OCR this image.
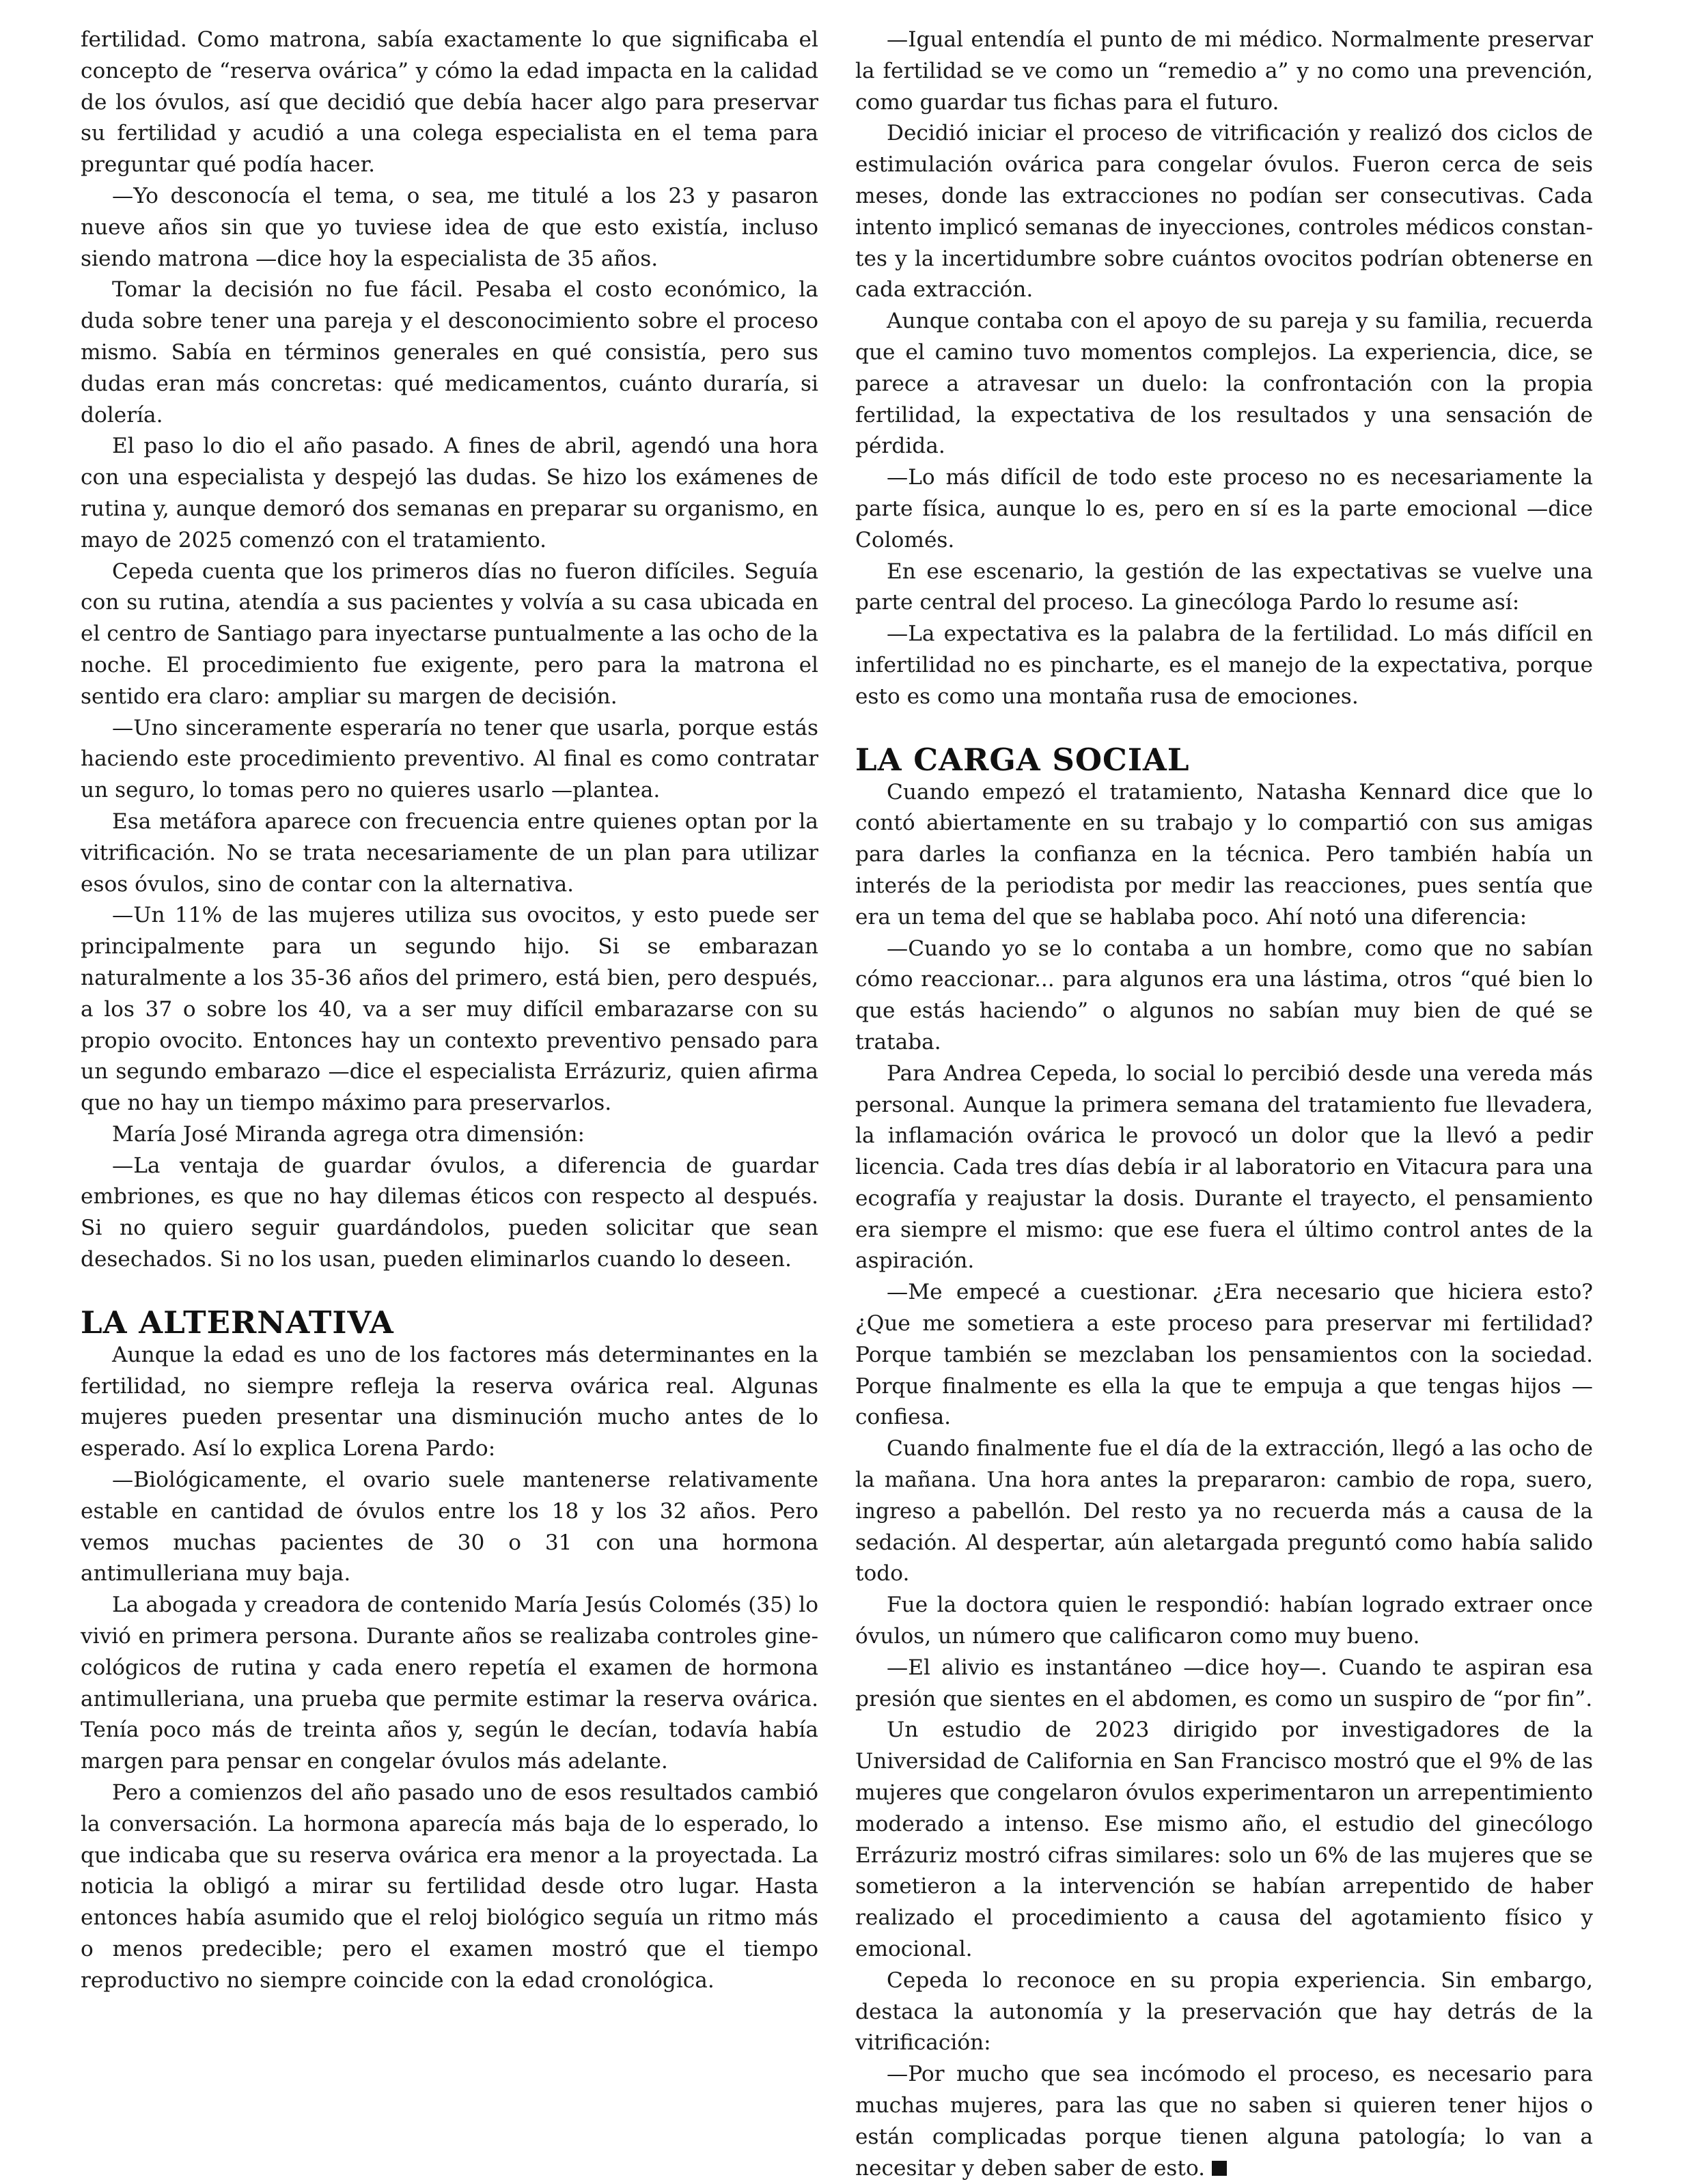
fertilidad. Como matrona, sabía exactamente lo que significaba el concepto de “reserva ovárica” y cómo la edad impacta en la calidad de los óvulos, así que decidió que debía hacer algo para preservar su fertilidad y acudió a una colega especialista en el tema para preguntar qué podía hacer.

—Yo desconocía el tema, o sea, me titulé a los 23 y pasaron nueve años sin que yo tuviese idea de que esto existía, incluso siendo matrona —dice hoy la especialista de 35 años.

Tomar la decisión no fue fácil. Pesaba el costo económico, la duda sobre tener una pareja y el desconocimiento sobre el proceso mismo. Sabía en términos generales en qué consistía, pero sus dudas eran más concretas: qué medicamentos, cuánto duraría, si dolería.

El paso lo dio el año pasado. A fines de abril, agendó una hora con una especialista y despejó las dudas. Se hizo los exámenes de rutina y, aunque demoró dos semanas en preparar su organismo, en mayo de 2025 comenzó con el tratamiento.

Cepeda cuenta que los primeros días no fueron difíciles. Seguía con su rutina, atendía a sus pacientes y volvía a su casa ubicada en el centro de Santiago para inyectarse puntualmente a las ocho de la noche. El procedimiento fue exigente, pero para la matrona el sentido era claro: ampliar su margen de decisión.

—Uno sinceramente esperaría no tener que usarla, porque estás haciendo este procedimiento preventivo. Al final es como contratar un seguro, lo tomas pero no quieres usarlo —plantea.

Esa metáfora aparece con frecuencia entre quienes optan por la vitrificación. No se trata necesariamente de un plan para utilizar esos óvulos, sino de contar con la alternativa.

—Un 11% de las mujeres utiliza sus ovocitos, y esto puede ser principalmente para un segundo hijo. Si se embarazan naturalmente a los 35-36 años del primero, está bien, pero después, a los 37 o sobre los 40, va a ser muy difícil embarazarse con su propio ovocito. Entonces hay un contexto preventivo pensado para un segundo embarazo —dice el especialista Errázuriz, quien afirma que no hay un tiempo máximo para preservarlos.

María José Miranda agrega otra dimensión:

—La ventaja de guardar óvulos, a diferencia de guardar embriones, es que no hay dilemas éticos con respecto al después. Si no quiero seguir guardándolos, pueden solicitar que sean desechados. Si no los usan, pueden eliminarlos cuando lo deseen.

LA ALTERNATIVA

Aunque la edad es uno de los factores más determinantes en la fertilidad, no siempre refleja la reserva ovárica real. Algunas mujeres pueden presentar una disminución mucho antes de lo esperado. Así lo explica Lorena Pardo:

—Biológicamente, el ovario suele mantenerse relativamente estable en cantidad de óvulos entre los 18 y los 32 años. Pero vemos muchas pacientes de 30 o 31 con una hormona antimulleriana muy baja.

La abogada y creadora de contenido María Jesús Colomés (35) lo vivió en primera persona. Durante años se realizaba controles ginecológicos de rutina y cada enero repetía el examen de hormona antimulleriana, una prueba que permite estimar la reserva ovárica. Tenía poco más de treinta años y, según le decían, todavía había margen para pensar en congelar óvulos más adelante.

Pero a comienzos del año pasado uno de esos resultados cambió la conversación. La hormona aparecía más baja de lo esperado, lo que indicaba que su reserva ovárica era menor a la proyectada. La noticia la obligó a mirar su fertilidad desde otro lugar. Hasta entonces había asumido que el reloj biológico seguía un ritmo más o menos predecible; pero el examen mostró que el tiempo reproductivo no siempre coincide con la edad cronológica.

—Igual entendía el punto de mi médico. Normalmente preservar la fertilidad se ve como un “remedio a” y no como una prevención, como guardar tus fichas para el futuro.

Decidió iniciar el proceso de vitrificación y realizó dos ciclos de estimulación ovárica para congelar óvulos. Fueron cerca de seis meses, donde las extracciones no podían ser consecutivas. Cada intento implicó semanas de inyecciones, controles médicos constantes y la incertidumbre sobre cuántos ovocitos podrían obtenerse en cada extracción.

Aunque contaba con el apoyo de su pareja y su familia, recuerda que el camino tuvo momentos complejos. La experiencia, dice, se parece a atravesar un duelo: la confrontación con la propia fertilidad, la expectativa de los resultados y una sensación de pérdida.

—Lo más difícil de todo este proceso no es necesariamente la parte física, aunque lo es, pero en sí es la parte emocional —dice Colomés.

En ese escenario, la gestión de las expectativas se vuelve una parte central del proceso. La ginecóloga Pardo lo resume así:

—La expectativa es la palabra de la fertilidad. Lo más difícil en infertilidad no es pincharte, es el manejo de la expectativa, porque esto es como una montaña rusa de emociones.

LA CARGA SOCIAL

Cuando empezó el tratamiento, Natasha Kennard dice que lo contó abiertamente en su trabajo y lo compartió con sus amigas para darles la confianza en la técnica. Pero también había un interés de la periodista por medir las reacciones, pues sentía que era un tema del que se hablaba poco. Ahí notó una diferencia:

—Cuando yo se lo contaba a un hombre, como que no sabían cómo reaccionar... para algunos era una lástima, otros “qué bien lo que estás haciendo” o algunos no sabían muy bien de qué se trataba.

Para Andrea Cepeda, lo social lo percibió desde una vereda más personal. Aunque la primera semana del tratamiento fue llevadera, la inflamación ovárica le provocó un dolor que la llevó a pedir licencia. Cada tres días debía ir al laboratorio en Vitacura para una ecografía y reajustar la dosis. Durante el trayecto, el pensamiento era siempre el mismo: que ese fuera el último control antes de la aspiración.

—Me empecé a cuestionar. ¿Era necesario que hiciera esto? ¿Que me sometiera a este proceso para preservar mi fertilidad? Porque también se mezclaban los pensamientos con la sociedad. Porque finalmente es ella la que te empuja a que tengas hijos —confiesa.

Cuando finalmente fue el día de la extracción, llegó a las ocho de la mañana. Una hora antes la prepararon: cambio de ropa, suero, ingreso a pabellón. Del resto ya no recuerda más a causa de la sedación. Al despertar, aún aletargada preguntó como había salido todo.

Fue la doctora quien le respondió: habían logrado extraer once óvulos, un número que calificaron como muy bueno.

—El alivio es instantáneo —dice hoy—. Cuando te aspiran esa presión que sientes en el abdomen, es como un suspiro de “por fin”.

Un estudio de 2023 dirigido por investigadores de la Universidad de California en San Francisco mostró que el 9% de las mujeres que congelaron óvulos experimentaron un arrepentimiento moderado a intenso. Ese mismo año, el estudio del ginecólogo Errázuriz mostró cifras similares: solo un 6% de las mujeres que se sometieron a la intervención se habían arrepentido de haber realizado el procedimiento a causa del agotamiento físico y emocional.

Cepeda lo reconoce en su propia experiencia. Sin embargo, destaca la autonomía y la preservación que hay detrás de la vitrificación:

—Por mucho que sea incómodo el proceso, es necesario para muchas mujeres, para las que no saben si quieren tener hijos o están complicadas porque tienen alguna patología; lo van a necesitar y deben saber de esto.
